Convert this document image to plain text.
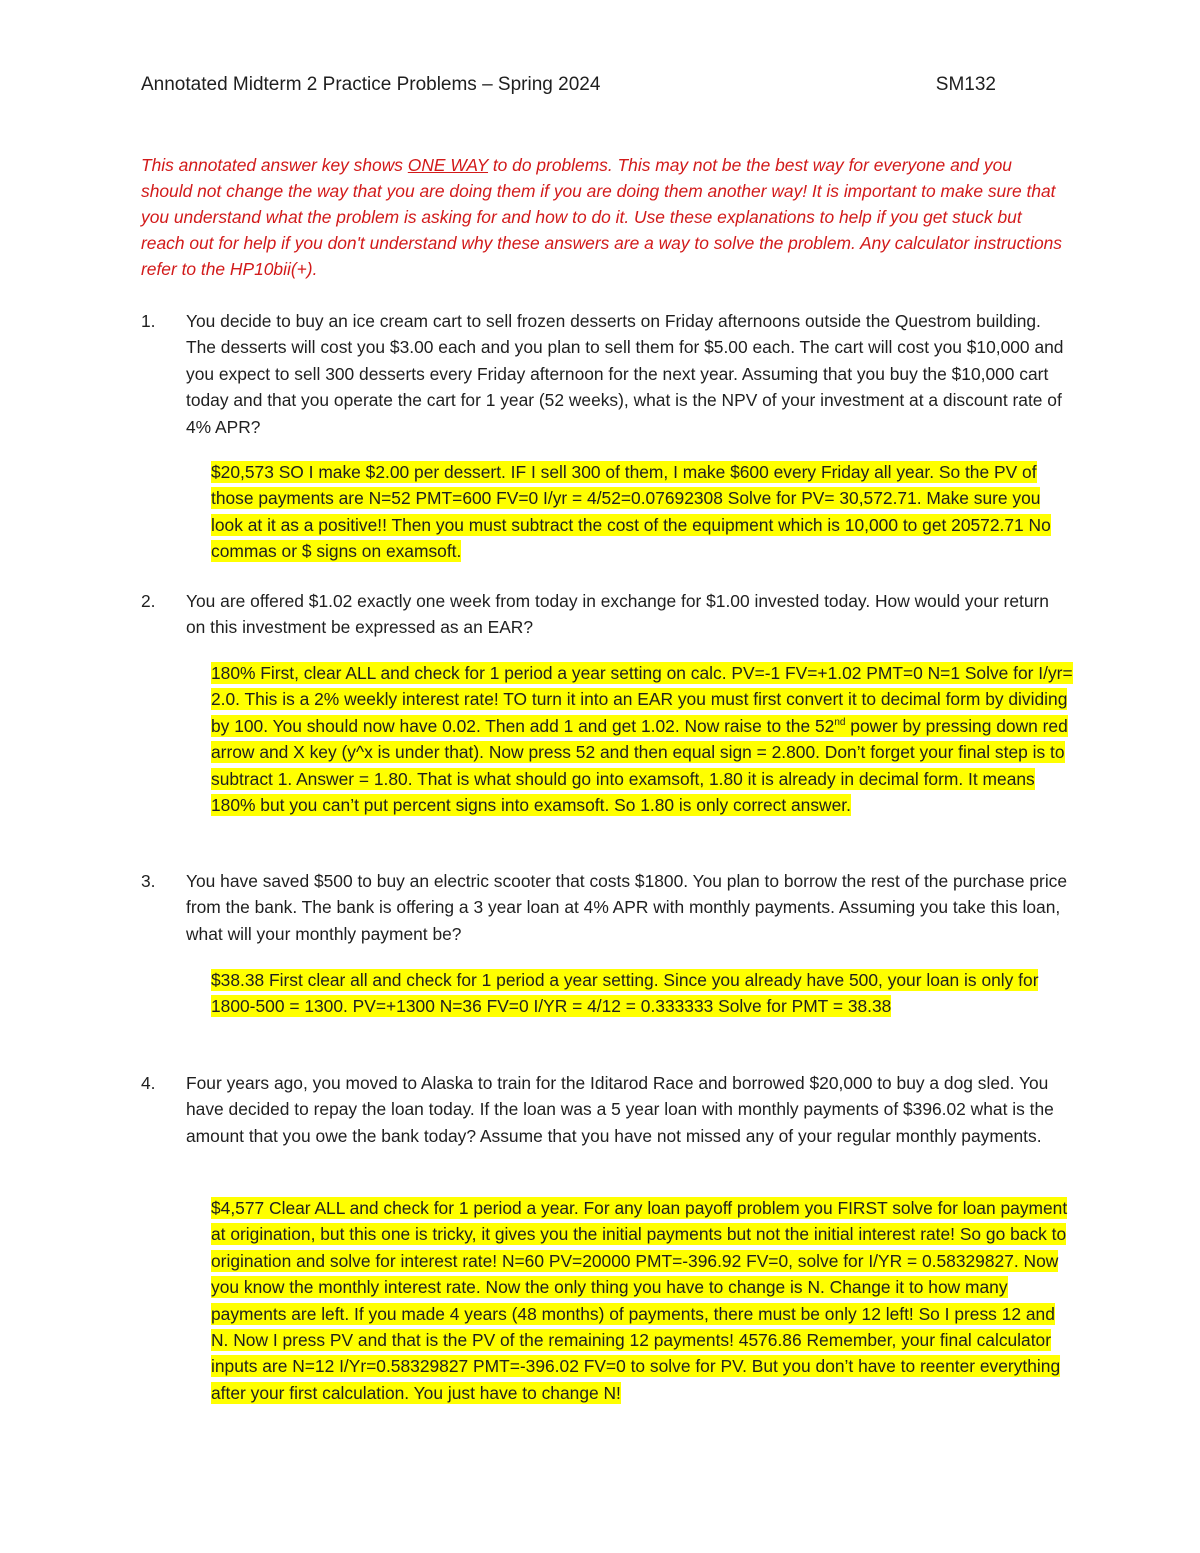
Annotated Midterm 2 Practice Problems – Spring 2024	SM132
This annotated answer key shows ONE WAY to do problems. This may not be the best way for everyone and you should not change the way that you are doing them if you are doing them another way! It is important to make sure that you understand what the problem is asking for and how to do it. Use these explanations to help if you get stuck but reach out for help if you don't understand why these answers are a way to solve the problem. Any calculator instructions refer to the HP10bii(+).
1.	You decide to buy an ice cream cart to sell frozen desserts on Friday afternoons outside the Questrom building. The desserts will cost you $3.00 each and you plan to sell them for $5.00 each. The cart will cost you $10,000 and you expect to sell 300 desserts every Friday afternoon for the next year. Assuming that you buy the $10,000 cart today and that you operate the cart for 1 year (52 weeks), what is the NPV of your investment at a discount rate of 4% APR?
$20,573 SO I make $2.00 per dessert. IF I sell 300 of them, I make $600 every Friday all year. So the PV of those payments are N=52 PMT=600 FV=0 I/yr = 4/52=0.07692308 Solve for PV= 30,572.71. Make sure you look at it as a positive!! Then you must subtract the cost of the equipment which is 10,000 to get 20572.71 No commas or $ signs on examsoft.
2.	You are offered $1.02 exactly one week from today in exchange for $1.00 invested today. How would your return on this investment be expressed as an EAR?
180% First, clear ALL and check for 1 period a year setting on calc. PV=-1 FV=+1.02 PMT=0 N=1 Solve for I/yr= 2.0. This is a 2% weekly interest rate! TO turn it into an EAR you must first convert it to decimal form by dividing by 100. You should now have 0.02. Then add 1 and get 1.02. Now raise to the 52nd power by pressing down red arrow and X key (y^x is under that). Now press 52 and then equal sign = 2.800. Don’t forget your final step is to subtract 1. Answer = 1.80. That is what should go into examsoft, 1.80 it is already in decimal form. It means 180% but you can’t put percent signs into examsoft. So 1.80 is only correct answer.
3.	You have saved $500 to buy an electric scooter that costs $1800. You plan to borrow the rest of the purchase price from the bank. The bank is offering a 3 year loan at 4% APR with monthly payments. Assuming you take this loan, what will your monthly payment be?
$38.38 First clear all and check for 1 period a year setting. Since you already have 500, your loan is only for 1800-500 = 1300. PV=+1300 N=36 FV=0 I/YR = 4/12 = 0.333333 Solve for PMT = 38.38
4.	Four years ago, you moved to Alaska to train for the Iditarod Race and borrowed $20,000 to buy a dog sled. You have decided to repay the loan today. If the loan was a 5 year loan with monthly payments of $396.02 what is the amount that you owe the bank today? Assume that you have not missed any of your regular monthly payments.
$4,577 Clear ALL and check for 1 period a year. For any loan payoff problem you FIRST solve for loan payment at origination, but this one is tricky, it gives you the initial payments but not the initial interest rate! So go back to origination and solve for interest rate! N=60 PV=20000 PMT=-396.92 FV=0, solve for I/YR = 0.58329827. Now you know the monthly interest rate. Now the only thing you have to change is N. Change it to how many payments are left. If you made 4 years (48 months) of payments, there must be only 12 left! So I press 12 and N. Now I press PV and that is the PV of the remaining 12 payments! 4576.86 Remember, your final calculator inputs are N=12 I/Yr=0.58329827 PMT=-396.02 FV=0 to solve for PV. But you don’t have to reenter everything after your first calculation. You just have to change N!
